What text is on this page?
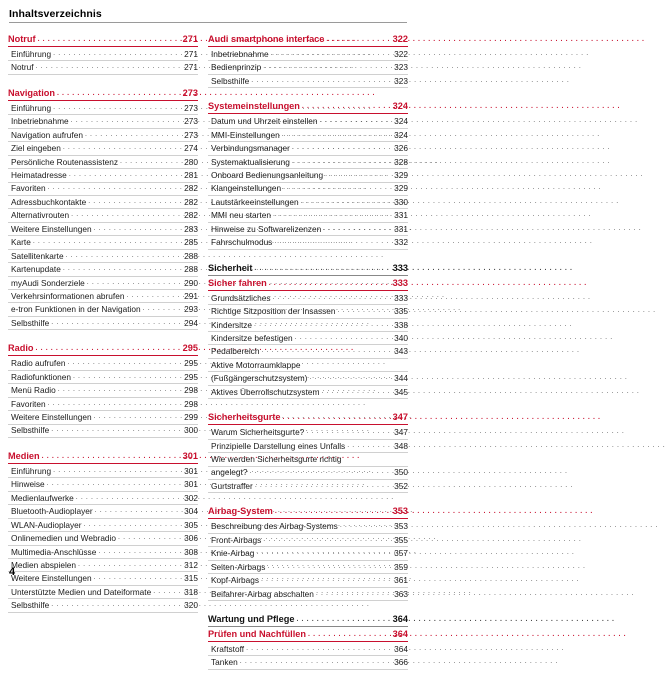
Inhaltsverzeichnis
Notruf . . .	271
Einführung . . .	271
Notruf . . .	271
Navigation . . .	273
Einführung . . .	273
Inbetriebnahme . . .	273
Navigation aufrufen . . .	273
Ziel eingeben . . .	274
Persönliche Routenassistenz . . .	280
Heimatadresse . . .	281
Favoriten . . .	282
Adressbuchkontakte . . .	282
Alternativrouten . . .	282
Weitere Einstellungen . . .	283
Karte . . .	285
Satellitenkarte . . .	288
Kartenupdate . . .	288
myAudi Sonderziele . . .	290
Verkehrsinformationen abrufen . . .	291
e-tron Funktionen in der Navigation . . .	293
Selbsthilfe . . .	294
Radio . . .	295
Radio aufrufen . . .	295
Radiofunktionen . . .	295
Menü Radio . . .	298
Favoriten . . .	298
Weitere Einstellungen . . .	299
Selbsthilfe . . .	300
Medien . . .	301
Einführung . . .	301
Hinweise . . .	301
Medienlaufwerke . . .	302
Bluetooth-Audioplayer . . .	304
WLAN-Audioplayer . . .	305
Onlinemedien und Webradio . . .	306
Multimedia-Anschlüsse . . .	308
Medien abspielen . . .	312
Weitere Einstellungen . . .	315
Unterstützte Medien und Dateiformate . . .	318
Selbsthilfe . . .	320
Audi smartphone interface . . .	322
Inbetriebnahme . . .	322
Bedienprinzip . . .	323
Selbsthilfe . . .	323
Systemeinstellungen . . .	324
Datum und Uhrzeit einstellen . . .	324
MMI-Einstellungen . . .	324
Verbindungsmanager . . .	326
Systemaktualisierung . . .	328
Onboard Bedienungsanleitung . . .	329
Klangeinstellungen . . .	329
Lautstärkeeinstellungen . . .	330
MMI neu starten . . .	331
Hinweise zu Softwarelizenzen . . .	331
Fahrschulmodus . . .	332
Sicherheit . . .	333
Sicher fahren . . .	333
Grundsätzliches . . .	333
Richtige Sitzposition der Insassen . . .	335
Kindersitze . . .	338
Kindersitze befestigen . . .	340
Pedalbereich . . .	343
Aktive Motorraumklappe
(Fußgängerschutzsystem) . . .	344
Aktives Überrollschutzsystem . . .	345
Sicherheitsgurte . . .	347
Warum Sicherheitsgurte? . . .	347
Prinzipielle Darstellung eines Unfalls . . .	348
Wie werden Sicherheitsgurte richtig
angelegt? . . .	350
Gurtstraffer . . .	352
Airbag-System . . .	353
Beschreibung des Airbag-Systems . . .	353
Front-Airbags . . .	355
Knie-Airbag . . .	357
Seiten-Airbags . . .	359
Kopf-Airbags . . .	361
Beifahrer-Airbag abschalten . . .	363
Wartung und Pflege . . .	364
Prüfen und Nachfüllen . . .	364
Kraftstoff . . .	364
Tanken . . .	366
4
